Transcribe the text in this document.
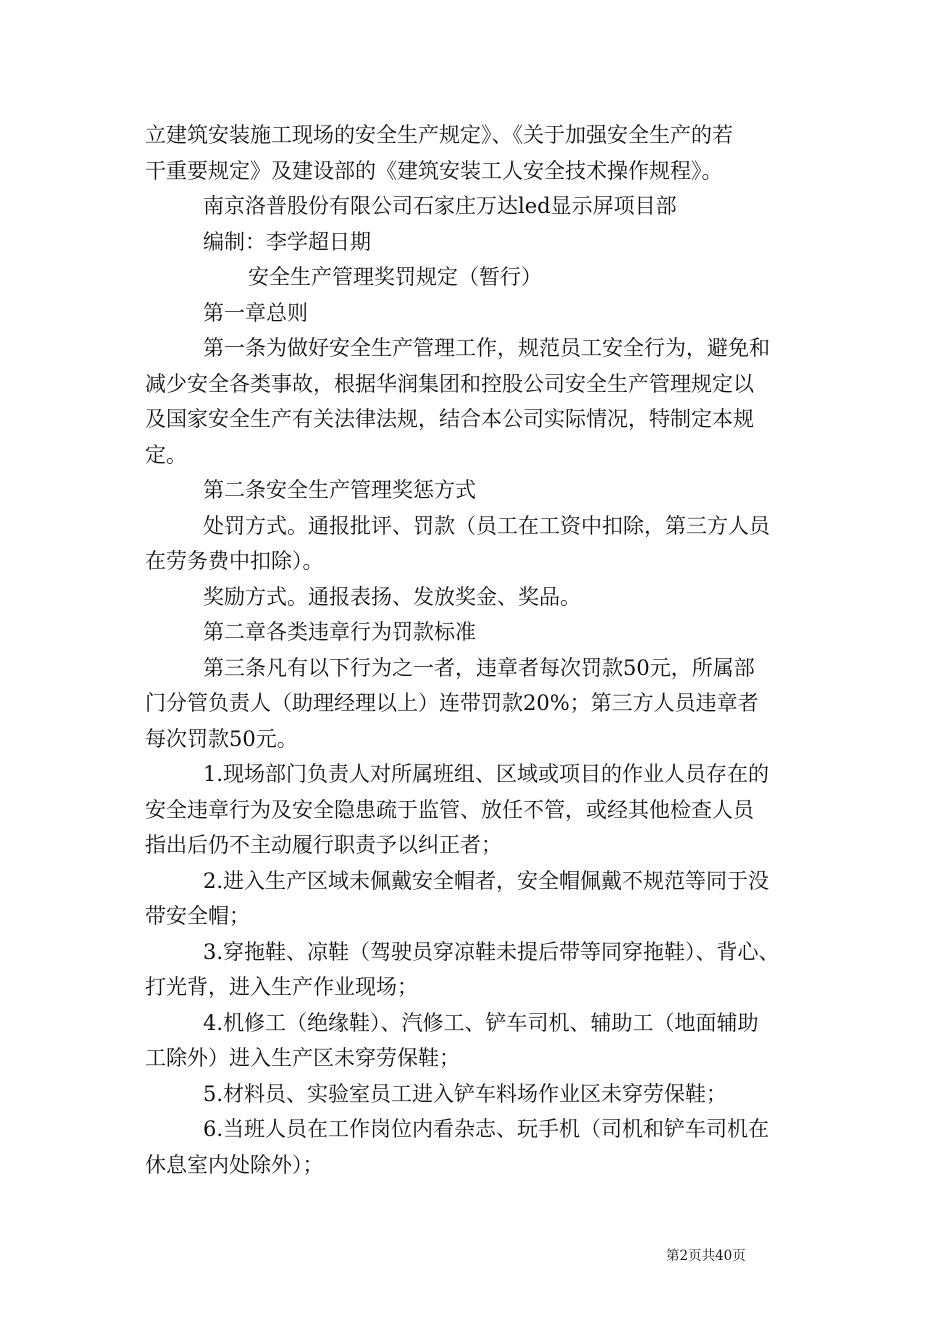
立建筑安装施工现场的安全生产规定》、《关于加强安全生产的若

干重要规定》及建设部的《建筑安装工人安全技术操作规程》。

南京洛普股份有限公司石家庄万达led显示屏项目部

编制：李学超日期

安全生产管理奖罚规定（暂行）

第一章总则

第一条为做好安全生产管理工作，规范员工安全行为，避免和

减少安全各类事故，根据华润集团和控股公司安全生产管理规定以

及国家安全生产有关法律法规，结合本公司实际情况，特制定本规

定。

第二条安全生产管理奖惩方式

处罚方式。通报批评、罚款（员工在工资中扣除，第三方人员

在劳务费中扣除）。

奖励方式。通报表扬、发放奖金、奖品。

第二章各类违章行为罚款标准

第三条凡有以下行为之一者，违章者每次罚款50元，所属部

门分管负责人（助理经理以上）连带罚款20%；第三方人员违章者

每次罚款50元。

1.现场部门负责人对所属班组、区域或项目的作业人员存在的

安全违章行为及安全隐患疏于监管、放任不管，或经其他检查人员

指出后仍不主动履行职责予以纠正者；

2.进入生产区域未佩戴安全帽者，安全帽佩戴不规范等同于没

带安全帽；

3.穿拖鞋、凉鞋（驾驶员穿凉鞋未提后带等同穿拖鞋）、背心、

打光背，进入生产作业现场；

4.机修工（绝缘鞋）、汽修工、铲车司机、辅助工（地面辅助

工除外）进入生产区未穿劳保鞋；

5.材料员、实验室员工进入铲车料场作业区未穿劳保鞋；

6.当班人员在工作岗位内看杂志、玩手机（司机和铲车司机在

休息室内处除外）；

第2页共40页
